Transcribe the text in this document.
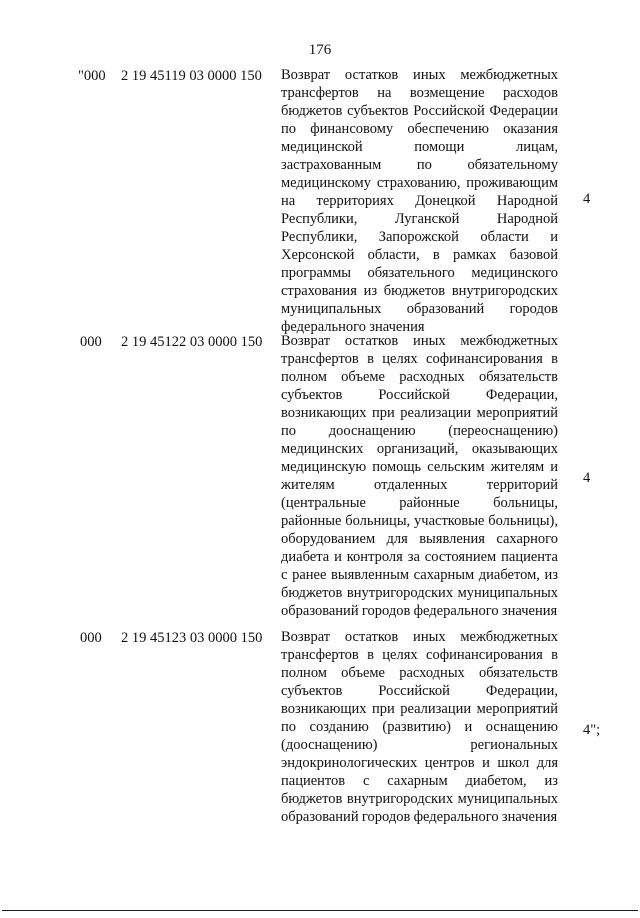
176
"000 2 19 45119 03 0000 150 Возврат остатков иных межбюджетных трансфертов на возмещение расходов бюджетов субъектов Российской Федерации по финансовому обеспечению оказания медицинской помощи лицам, застрахованным по обязательному медицинскому страхованию, проживающим на территориях Донецкой Народной Республики, Луганской Народной Республики, Запорожской области и Херсонской области, в рамках базовой программы обязательного медицинского страхования из бюджетов внутригородских муниципальных образований городов федерального значения
4
000 2 19 45122 03 0000 150 Возврат остатков иных межбюджетных трансфертов в целях софинансирования в полном объеме расходных обязательств субъектов Российской Федерации, возникающих при реализации мероприятий по дооснащению (переоснащению) медицинских организаций, оказывающих медицинскую помощь сельским жителям и жителям отдаленных территорий (центральные районные больницы, районные больницы, участковые больницы), оборудованием для выявления сахарного диабета и контроля за состоянием пациента с ранее выявленным сахарным диабетом, из бюджетов внутригородских муниципальных образований городов федерального значения
4
000 2 19 45123 03 0000 150 Возврат остатков иных межбюджетных трансфертов в целях софинансирования в полном объеме расходных обязательств субъектов Российской Федерации, возникающих при реализации мероприятий по созданию (развитию) и оснащению (дооснащению) региональных эндокринологических центров и школ для пациентов с сахарным диабетом, из бюджетов внутригородских муниципальных образований городов федерального значения
4";
